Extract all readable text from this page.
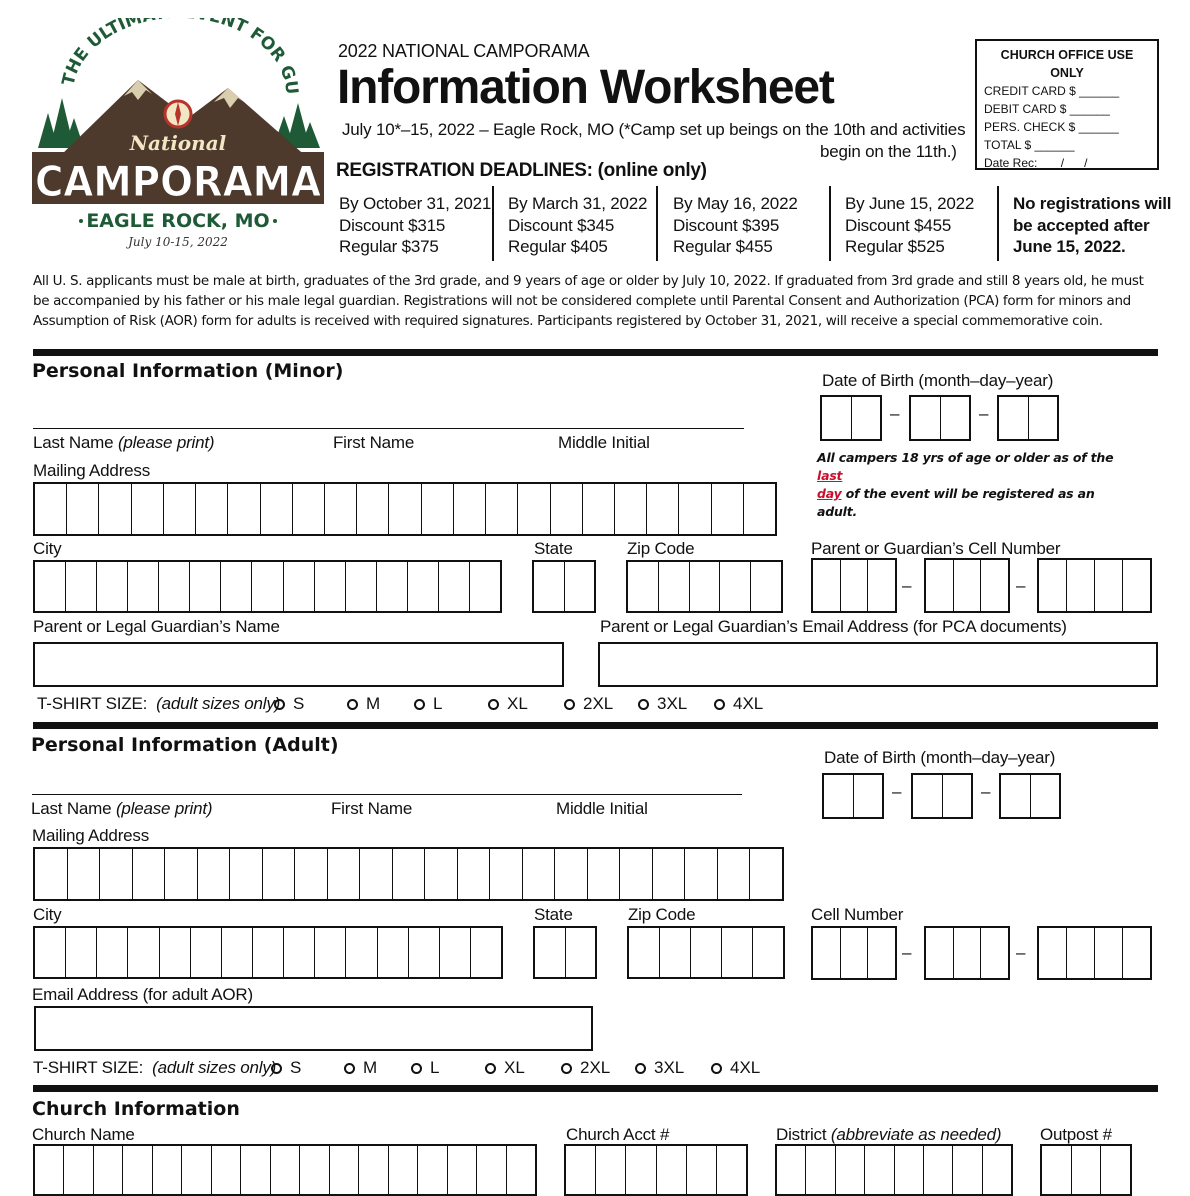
THE ULTIM NT FOR GU
National
CAMPORAMA
EAGLE ROCK, MO
July 10-15, 2022
2022 NATIONAL CAMPORAMA
Information Worksheet
July 10*–15, 2022 – Eagle Rock, MO (*Camp set up beings on the 10th and activities
begin on the 11th.)
CHURCH OFFICE USE ONLY
CREDIT CARD $ ______
DEBIT CARD $ ______
PERS. CHECK $ ______
TOTAL $ ______
Date Rec: ___/___/___
REGISTRATION DEADLINES: (online only)
By October 31, 2021
Discount $315
Regular $375
By March 31, 2022
Discount $345
Regular $405
By May 16, 2022
Discount $395
Regular $455
By June 15, 2022
Discount $455
Regular $525
No registrations will
be accepted after
June 15, 2022.
All U. S. applicants must be male at birth, graduates of the 3rd grade, and 9 years of age or older by July 10, 2022. If graduated from 3rd grade and still 8 years old, he must
be accompanied by his father or his male legal guardian. Registrations will not be considered complete until Parental Consent and Authorization (PCA) form for minors and
Assumption of Risk (AOR) form for adults is received with required signatures. Participants registered by October 31, 2021, will receive a special commemorative coin.
Personal Information (Minor)	Date of Birth (month–day–year)
–	–
Last Name (please print)	First Name	Middle Initial
All campers 18 yrs of age or older as of the last
day of the event will be registered as an adult.
Mailing Address
City	State	Zip Code	Parent or Guardian’s Cell Number
–	–
Parent or Legal Guardian’s Name	Parent or Legal Guardian’s Email Address (for PCA documents)
T-SHIRT SIZE: (adult sizes only) S	M	L	XL	2XL	3XL	4XL
Personal Information (Adult)
Date of Birth (month–day–year)
–	–
Last Name (please print)	First Name	Middle Initial
Mailing Address
City	State	Zip Code	Cell Number
–	–
Email Address (for adult AOR)
T-SHIRT SIZE: (adult sizes only) S	M	L	XL	2XL	3XL	4XL
Church Information
Church Name	Church Acct #	District (abbreviate as needed) Outpost #
